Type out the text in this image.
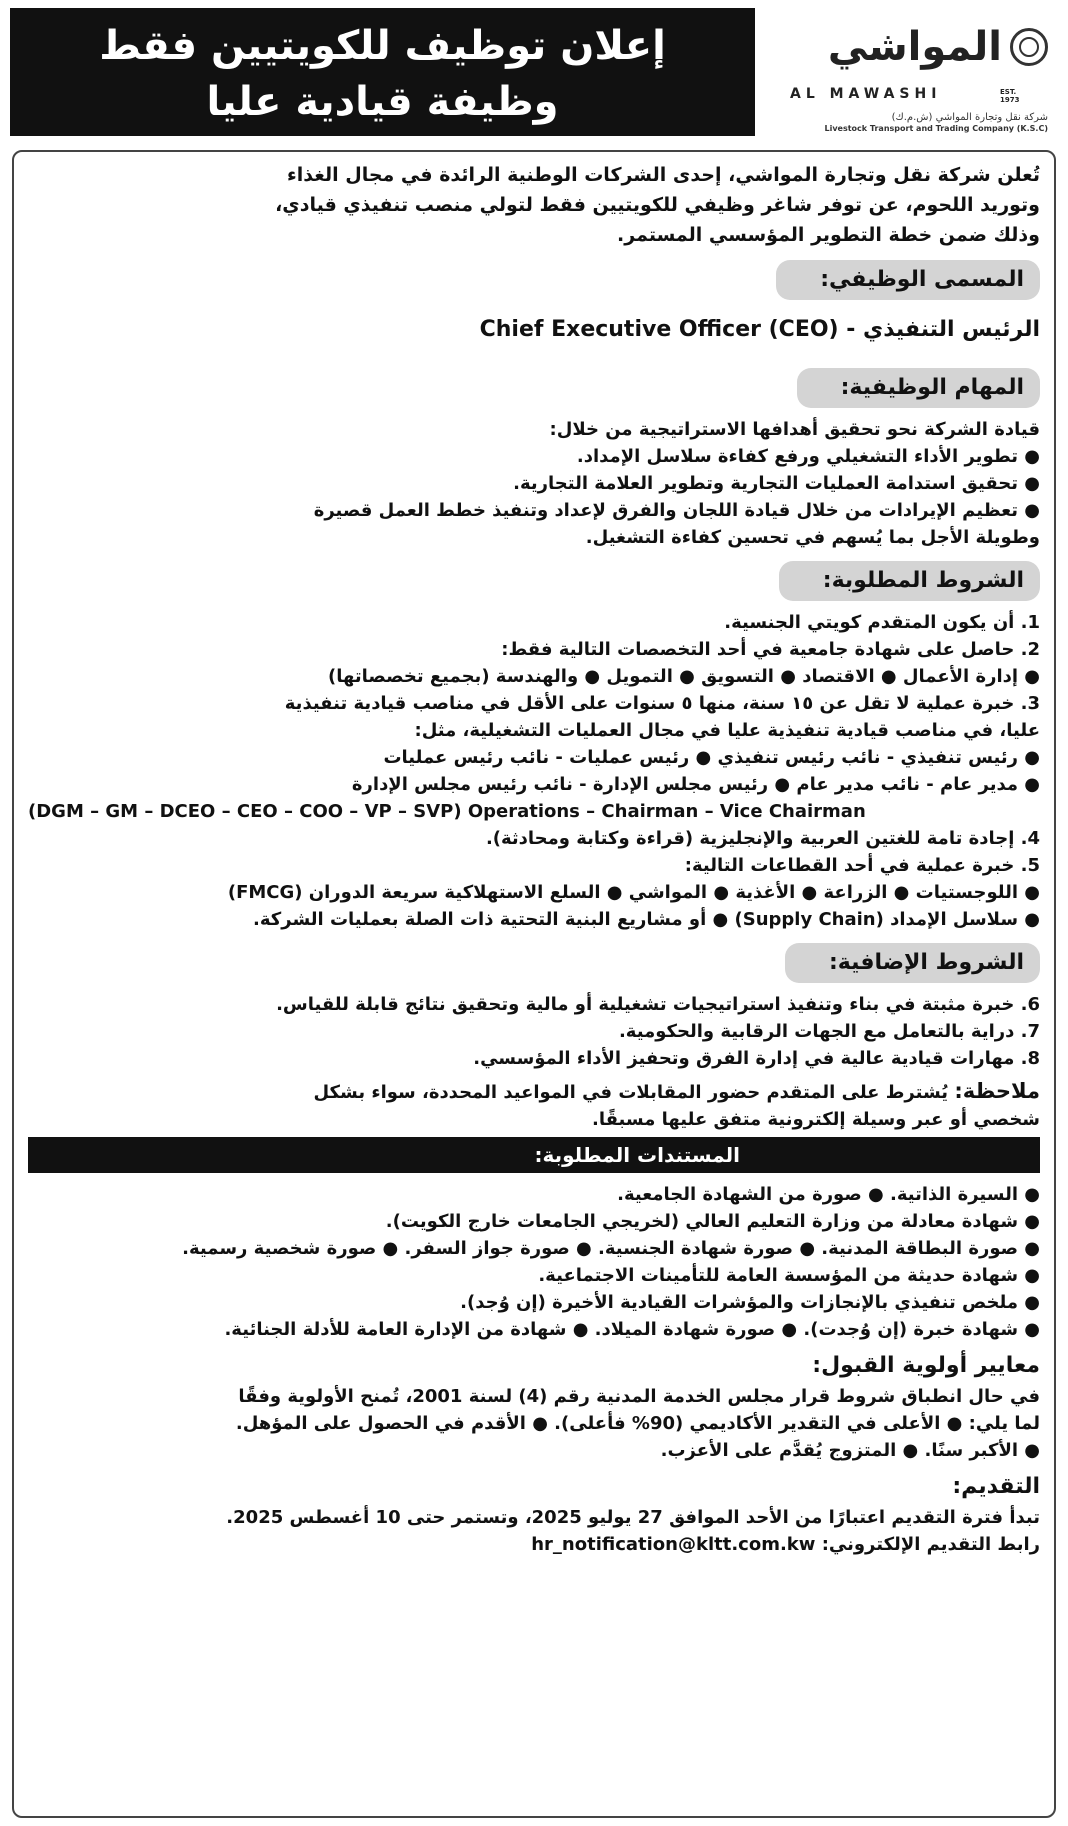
إعلان توظيف للكويتيين فقط
وظيفة قيادية عليا
المواشي
AL MAWASHI	EST. 1973
شركة نقل وتجارة المواشي (ش.م.ك)
Livestock Transport and Trading Company (K.S.C)

تُعلن شركة نقل وتجارة المواشي، إحدى الشركات الوطنية الرائدة في مجال الغذاء

وتوريد اللحوم، عن توفر شاغر وظيفي للكويتيين فقط لتولي منصب تنفيذي قيادي،

وذلك ضمن خطة التطوير المؤسسي المستمر.

المسمى الوظيفي:
الرئيس التنفيذي - Chief Executive Officer (CEO)
المهام الوظيفية:
قيادة الشركة نحو تحقيق أهدافها الاستراتيجية من خلال:
● تطوير الأداء التشغيلي ورفع كفاءة سلاسل الإمداد.
● تحقيق استدامة العمليات التجارية وتطوير العلامة التجارية.
● تعظيم الإيرادات من خلال قيادة اللجان والفرق لإعداد وتنفيذ خطط العمل قصيرة
وطويلة الأجل بما يُسهم في تحسين كفاءة التشغيل.
الشروط المطلوبة:
1. أن يكون المتقدم كويتي الجنسية.
2. حاصل على شهادة جامعية في أحد التخصصات التالية فقط:
● إدارة الأعمال ● الاقتصاد ● التسويق ● التمويل ● والهندسة (بجميع تخصصاتها)
3. خبرة عملية لا تقل عن ١٥ سنة، منها ٥ سنوات على الأقل في مناصب قيادية تنفيذية
عليا، في مناصب قيادية تنفيذية عليا في مجال العمليات التشغيلية، مثل:
● رئيس تنفيذي - نائب رئيس تنفيذي ● رئيس عمليات - نائب رئيس عمليات
● مدير عام - نائب مدير عام ● رئيس مجلس الإدارة - نائب رئيس مجلس الإدارة
(DGM – GM – DCEO – CEO – COO – VP – SVP) Operations – Chairman – Vice Chairman
4. إجادة تامة للغتين العربية والإنجليزية (قراءة وكتابة ومحادثة).
5. خبرة عملية في أحد القطاعات التالية:
● اللوجستيات ● الزراعة ● الأغذية ● المواشي ● السلع الاستهلاكية سريعة الدوران (FMCG)
● سلاسل الإمداد (Supply Chain) ● أو مشاريع البنية التحتية ذات الصلة بعمليات الشركة.
الشروط الإضافية:
6. خبرة مثبتة في بناء وتنفيذ استراتيجيات تشغيلية أو مالية وتحقيق نتائج قابلة للقياس.
7. دراية بالتعامل مع الجهات الرقابية والحكومية.
8. مهارات قيادية عالية في إدارة الفرق وتحفيز الأداء المؤسسي.
ملاحظة: يُشترط على المتقدم حضور المقابلات في المواعيد المحددة، سواء بشكل
شخصي أو عبر وسيلة إلكترونية متفق عليها مسبقًا.
المستندات المطلوبة:
● السيرة الذاتية. ● صورة من الشهادة الجامعية.
● شهادة معادلة من وزارة التعليم العالي (لخريجي الجامعات خارج الكويت).
● صورة البطاقة المدنية. ● صورة شهادة الجنسية. ● صورة جواز السفر. ● صورة شخصية رسمية.
● شهادة حديثة من المؤسسة العامة للتأمينات الاجتماعية.
● ملخص تنفيذي بالإنجازات والمؤشرات القيادية الأخيرة (إن وُجد).
● شهادة خبرة (إن وُجدت). ● صورة شهادة الميلاد. ● شهادة من الإدارة العامة للأدلة الجنائية.
معايير أولوية القبول:
في حال انطباق شروط قرار مجلس الخدمة المدنية رقم (4) لسنة 2001، تُمنح الأولوية وفقًا
لما يلي: ● الأعلى في التقدير الأكاديمي (90% فأعلى). ● الأقدم في الحصول على المؤهل.
● الأكبر سنًا. ● المتزوج يُقدَّم على الأعزب.
التقديم:
تبدأ فترة التقديم اعتبارًا من الأحد الموافق 27 يوليو 2025، وتستمر حتى 10 أغسطس 2025.
رابط التقديم الإلكتروني: hr_notification@kltt.com.kw
